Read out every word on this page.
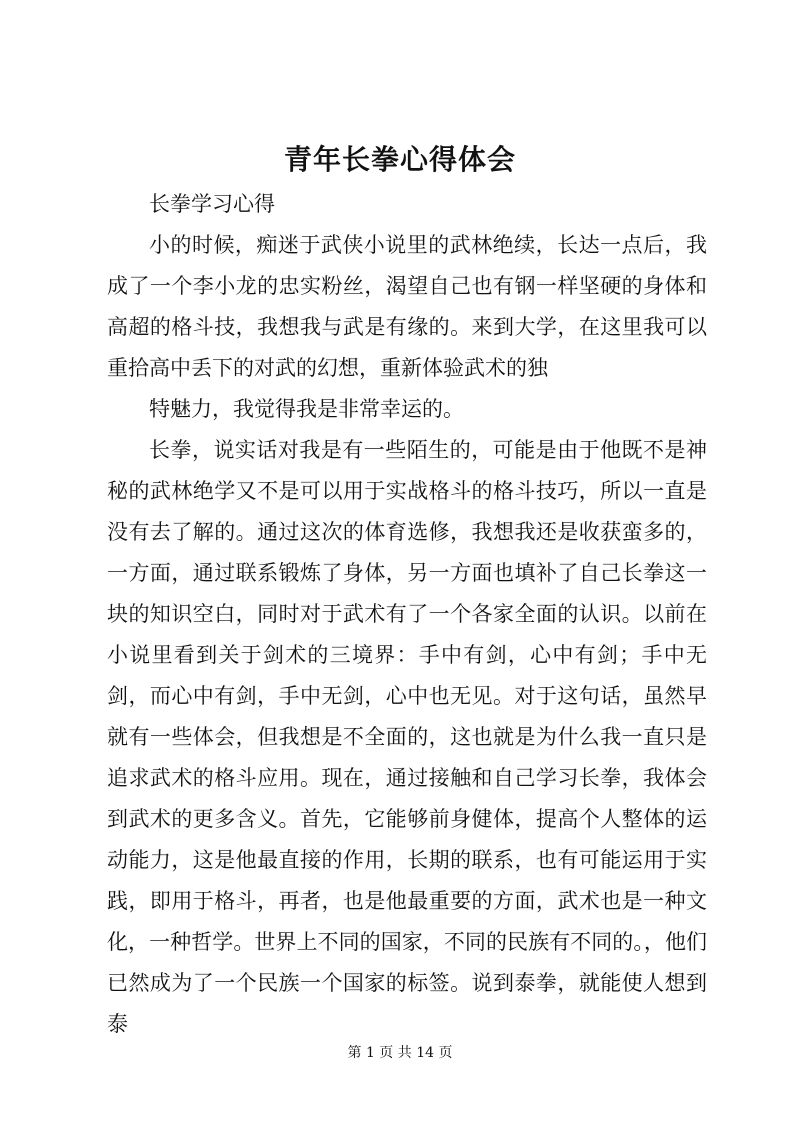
青年长拳心得体会

长拳学习心得

小的时候，痴迷于武侠小说里的武林绝续，长达一点后，我成了一个李小龙的忠实粉丝，渴望自己也有钢一样坚硬的身体和高超的格斗技，我想我与武是有缘的。来到大学，在这里我可以重拾高中丢下的对武的幻想，重新体验武术的独

特魅力，我觉得我是非常幸运的。

长拳，说实话对我是有一些陌生的，可能是由于他既不是神秘的武林绝学又不是可以用于实战格斗的格斗技巧，所以一直是没有去了解的。通过这次的体育选修，我想我还是收获蛮多的，一方面，通过联系锻炼了身体，另一方面也填补了自己长拳这一块的知识空白，同时对于武术有了一个各家全面的认识。以前在小说里看到关于剑术的三境界：手中有剑，心中有剑；手中无剑，而心中有剑，手中无剑，心中也无见。对于这句话，虽然早就有一些体会，但我想是不全面的，这也就是为什么我一直只是追求武术的格斗应用。现在，通过接触和自己学习长拳，我体会到武术的更多含义。首先，它能够前身健体，提高个人整体的运动能力，这是他最直接的作用，长期的联系，也有可能运用于实践，即用于格斗，再者，也是他最重要的方面，武术也是一种文化，一种哲学。世界上不同的国家，不同的民族有不同的。，他们已然成为了一个民族一个国家的标签。说到泰拳，就能使人想到泰

第 1 页 共 14 页
